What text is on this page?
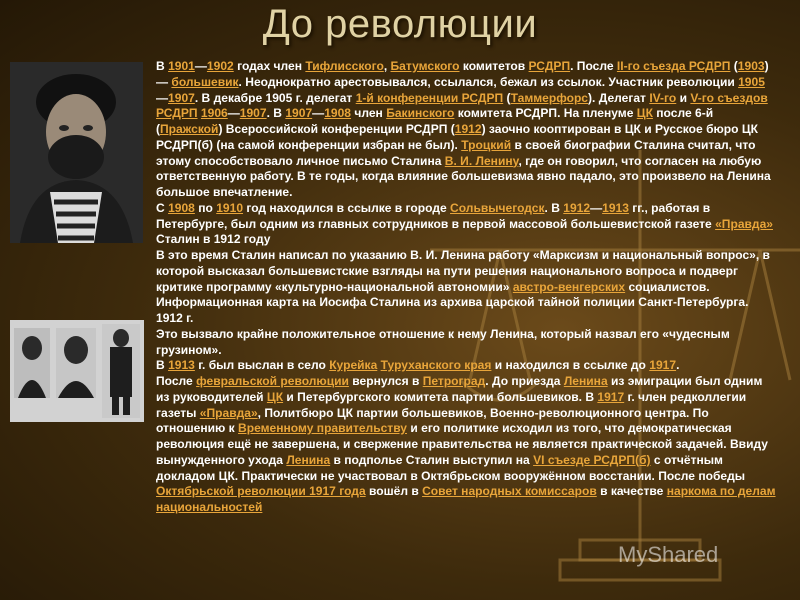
До революции

В 1901—1902 годах член Тифлисского, Батумского комитетов РСДРП. После II-го съезда РСДРП (1903) — большевик. Неоднократно арестовывался, ссылался, бежал из ссылок. Участник революции 1905—1907. В декабре 1905 г. делегат 1-й конференции РСДРП (Таммерфорс). Делегат IV-го и V-го съездов РСДРП 1906—1907. В 1907—1908 член Бакинского комитета РСДРП. На пленуме ЦК после 6-й (Пражской) Всероссийской конференции РСДРП (1912) заочно кооптирован в ЦК и Русское бюро ЦК РСДРП(б) (на самой конференции избран не был). Троцкий в своей биографии Сталина считал, что этому способствовало личное письмо Сталина В. И. Ленину, где он говорил, что согласен на любую ответственную работу. В те годы, когда влияние большевизма явно падало, это произвело на Ленина большое впечатление.

С 1908 по 1910 год находился в ссылке в городе Сольвычегодск. В 1912—1913 гг., работая в Петербурге, был одним из главных сотрудников в первой массовой большевистской газете «Правда»

Сталин в 1912 году

В это время Сталин написал по указанию В. И. Ленина работу «Марксизм и национальный вопрос», в которой высказал большевистские взгляды на пути решения национального вопроса и подверг критике программу «культурно-национальной автономии» австро-венгерских социалистов.

Информационная карта на Иосифа Сталина из архива царской тайной полиции Санкт-Петербурга. 1912 г.

Это вызвало крайне положительное отношение к нему Ленина, который назвал его «чудесным грузином».

В 1913 г. был выслан в село Курейка Туруханского края и находился в ссылке до 1917.

После февральской революции вернулся в Петроград. До приезда Ленина из эмиграции был одним из руководителей ЦК и Петербургского комитета партии большевиков. В 1917 г. член редколлегии газеты «Правда», Политбюро ЦК партии большевиков, Военно-революционного центра. По отношению к Временному правительству и его политике исходил из того, что демократическая революция ещё не завершена, и свержение правительства не является практической задачей. Ввиду вынужденного ухода Ленина в подполье Сталин выступил на VI съезде РСДРП(б) с отчётным докладом ЦК. Практически не участвовал в Октябрьском вооружённом восстании. После победы Октябрьской революции 1917 года вошёл в Совет народных комиссаров в качестве наркома по делам национальностей

MyShared
